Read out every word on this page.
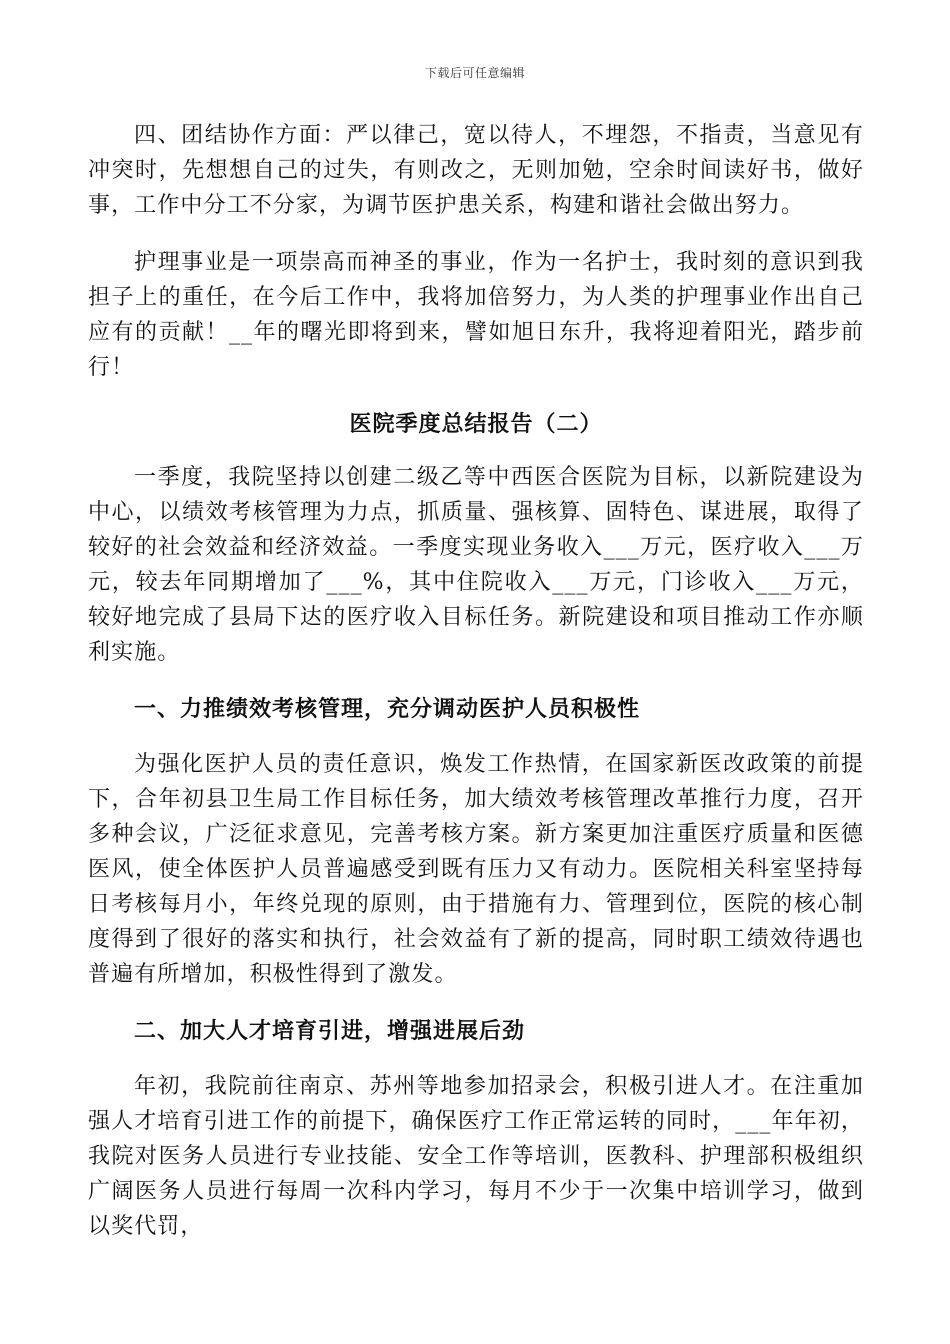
下载后可任意编辑

四、团结协作方面：严以律己，宽以待人，不埋怨，不指责，当意见有冲突时，先想想自己的过失，有则改之，无则加勉，空余时间读好书，做好事，工作中分工不分家，为调节医护患关系，构建和谐社会做出努力。

护理事业是一项崇高而神圣的事业，作为一名护士，我时刻的意识到我担子上的重任，在今后工作中，我将加倍努力，为人类的护理事业作出自己应有的贡献！__年的曙光即将到来，譬如旭日东升，我将迎着阳光，踏步前行！

医院季度总结报告（二）

一季度，我院坚持以创建二级乙等中西医合医院为目标，以新院建设为中心，以绩效考核管理为力点，抓质量、强核算、固特色、谋进展，取得了较好的社会效益和经济效益。一季度实现业务收入___万元，医疗收入___万元，较去年同期增加了___%，其中住院收入___万元，门诊收入___万元，较好地完成了县局下达的医疗收入目标任务。新院建设和项目推动工作亦顺利实施。

一、力推绩效考核管理，充分调动医护人员积极性

为强化医护人员的责任意识，焕发工作热情，在国家新医改政策的前提下，合年初县卫生局工作目标任务，加大绩效考核管理改革推行力度，召开多种会议，广泛征求意见，完善考核方案。新方案更加注重医疗质量和医德医风，使全体医护人员普遍感受到既有压力又有动力。医院相关科室坚持每日考核每月小，年终兑现的原则，由于措施有力、管理到位，医院的核心制度得到了很好的落实和执行，社会效益有了新的提高，同时职工绩效待遇也普遍有所增加，积极性得到了激发。

二、加大人才培育引进，增强进展后劲

年初，我院前往南京、苏州等地参加招录会，积极引进人才。在注重加强人才培育引进工作的前提下，确保医疗工作正常运转的同时，___年年初，我院对医务人员进行专业技能、安全工作等培训，医教科、护理部积极组织广阔医务人员进行每周一次科内学习，每月不少于一次集中培训学习，做到以奖代罚，
